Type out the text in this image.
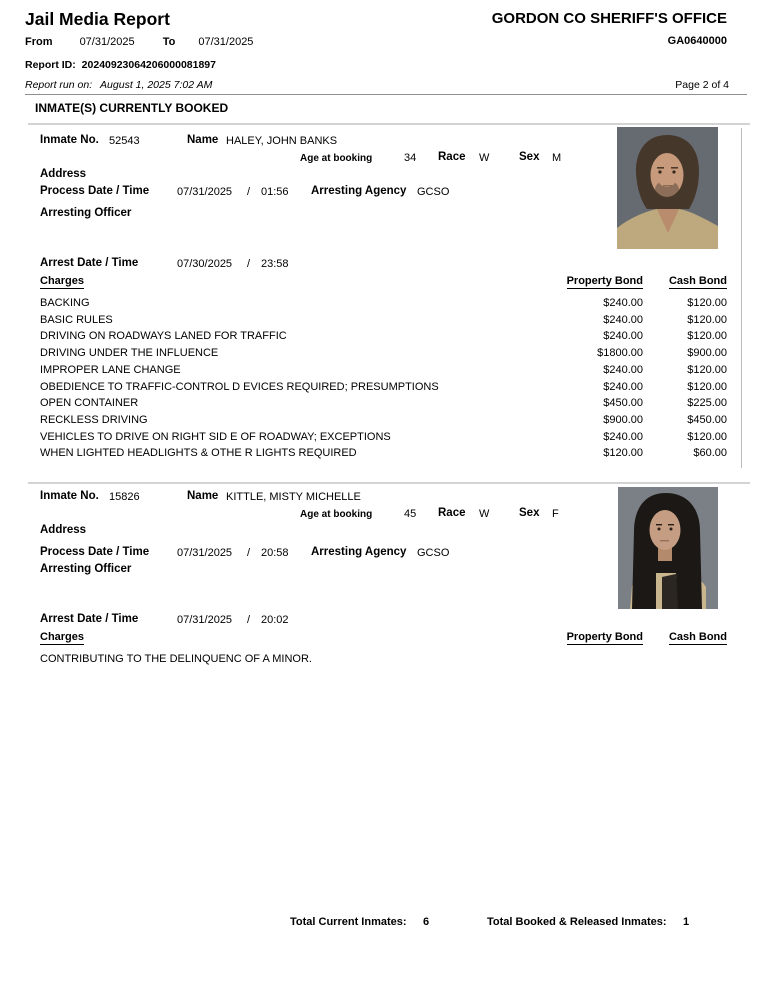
Jail Media Report
From 07/31/2025	To 07/31/2025
GORDON CO SHERIFF'S OFFICE
GA0640000
Report ID: 20240923064206000081897
Report run on: August 1, 2025 7:02 AM	Page 2 of 4
INMATE(S) CURRENTLY BOOKED
Inmate No. 52543	Name HALEY, JOHN BANKS
Age at booking	34 Race W	Sex M
Address
Process Date / Time	07/31/2025 / 01:56 Arresting Agency GCSO
Arresting Officer
Arrest Date / Time	07/30/2025 / 23:58
Charges	Property Bond	Cash Bond
BACKING	$240.00	$120.00
BASIC RULES	$240.00	$120.00
DRIVING ON ROADWAYS LANED FOR TRAFFIC	$240.00	$120.00
DRIVING UNDER THE INFLUENCE	$1800.00	$900.00
IMPROPER LANE CHANGE	$240.00	$120.00
OBEDIENCE TO TRAFFIC-CONTROL D EVICES REQUIRED; PRESUMPTIONS	$240.00	$120.00
OPEN CONTAINER	$450.00	$225.00
RECKLESS DRIVING	$900.00	$450.00
VEHICLES TO DRIVE ON RIGHT SID E OF ROADWAY; EXCEPTIONS	$240.00	$120.00
WHEN LIGHTED HEADLIGHTS & OTHE R LIGHTS REQUIRED	$120.00	$60.00
Inmate No. 15826	Name KITTLE, MISTY MICHELLE
Age at booking	45 Race W	Sex F
Address
Process Date / Time	07/31/2025 / 20:58 Arresting Agency GCSO
Arresting Officer
Arrest Date / Time	07/31/2025 / 20:02
Charges	Property Bond	Cash Bond
CONTRIBUTING TO THE DELINQUENC OF A MINOR.
Total Current Inmates: 6	Total Booked & Released Inmates: 1
